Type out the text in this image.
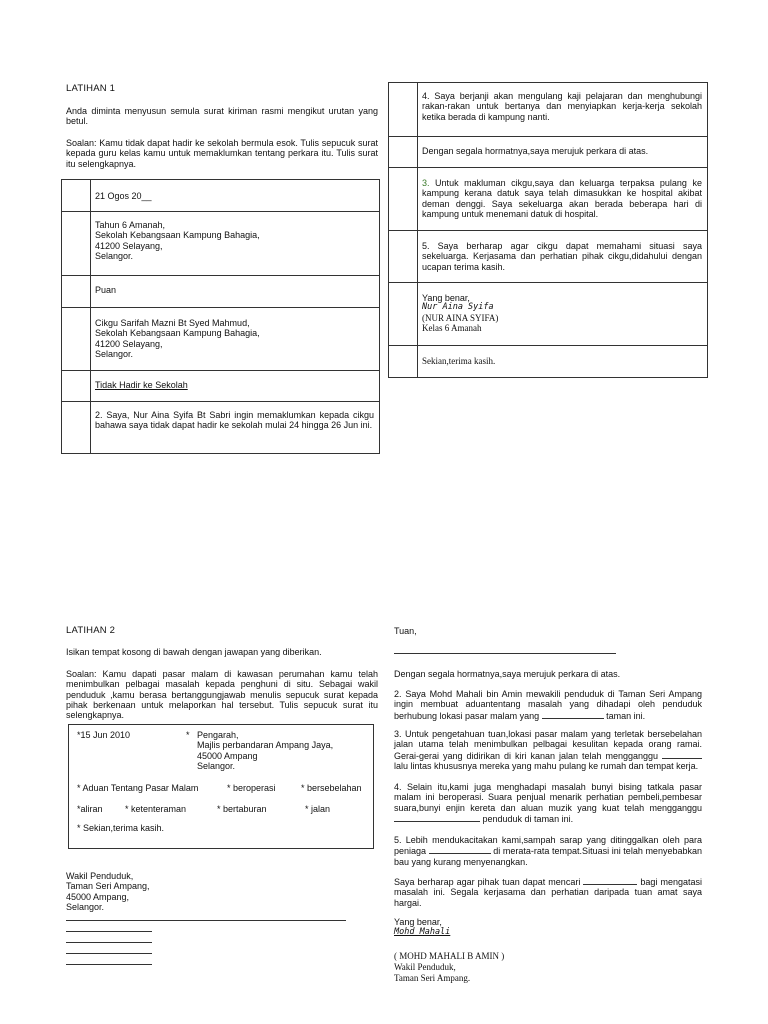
LATIHAN 1
Anda diminta menyusun semula surat kiriman rasmi mengikut urutan yang betul.
Soalan: Kamu tidak dapat hadir ke sekolah bermula esok. Tulis sepucuk surat kepada guru kelas kamu untuk memaklumkan tentang perkara itu. Tulis surat itu selengkapnya.
	21 Ogos 20__
	Tahun 6 Amanah,
Sekolah Kebangsaan Kampung Bahagia,
41200 Selayang,
Selangor.
	Puan
	Cikgu Sarifah Mazni Bt Syed Mahmud,
Sekolah Kebangsaan Kampung Bahagia,
41200 Selayang,
Selangor.
	Tidak Hadir ke Sekolah
	2. Saya, Nur Aina Syifa Bt Sabri ingin memaklumkan kepada cikgu bahawa saya tidak dapat hadir ke sekolah mulai 24 hingga 26 Jun ini.
	4. Saya berjanji akan mengulang kaji pelajaran dan menghubungi rakan-rakan untuk bertanya dan menyiapkan kerja-kerja sekolah ketika berada di kampung nanti.
	Dengan segala hormatnya,saya merujuk perkara di atas.
	3. Untuk makluman cikgu,saya dan keluarga terpaksa pulang ke kampung kerana datuk saya telah dimasukkan ke hospital akibat deman denggi. Saya sekeluarga akan berada beberapa hari di kampung untuk menemani datuk di hospital.
	5. Saya berharap agar cikgu dapat memahami situasi saya sekeluarga. Kerjasama dan perhatian pihak cikgu,didahului dengan ucapan terima kasih.

	Yang benar,
Nur Aina Syifa
(NUR AINA SYIFA)
Kelas 6 Amanah

	Sekian,terima kasih.
LATIHAN 2
Isikan tempat kosong di bawah dengan jawapan yang diberikan.
Soalan: Kamu dapati pasar malam di kawasan perumahan kamu telah menimbulkan pelbagai masalah kepada penghuni di situ. Sebagai wakil penduduk ,kamu berasa bertanggungjawab menulis sepucuk surat kepada pihak berkenaan untuk melaporkan hal tersebut. Tulis sepucuk surat itu selengkapnya.
*15 Jun 2010	* Pengarah,
Majlis perbandaran Ampang Jaya,
45000 Ampang
Selangor.
* Aduan Tentang Pasar Malam	* beroperasi	* bersebelahan
*aliran * ketenteraman	* bertaburan	* jalan
* Sekian,terima kasih.
Wakil Penduduk,
Taman Seri Ampang,
45000 Ampang,
Selangor.
Tuan,
Dengan segala hormatnya,saya merujuk perkara di atas.
2. Saya Mohd Mahali bin Amin mewakili penduduk di Taman Seri Ampang ingin membuat aduantentang masalah yang dihadapi oleh penduduk berhubung lokasi pasar malam yang	taman ini.
3. Untuk pengetahuan tuan,lokasi pasar malam yang terletak bersebelahan jalan utama telah menimbulkan pelbagai kesulitan kepada orang ramai. Gerai-gerai yang didirikan di kiri kanan jalan telah mengganggu  lalu lintas khususnya mereka yang mahu pulang ke rumah dan tempat kerja.
4. Selain itu,kami juga menghadapi masalah bunyi bising tatkala pasar malam ini beroperasi. Suara penjual menarik perhatian pembeli,pembesar suara,bunyi enjin kereta dan aluan muzik yang kuat telah mengganggu  penduduk di taman ini.
5. Lebih mendukacitakan kami,sampah sarap yang ditinggalkan oleh para peniaga	di merata-rata tempat.Situasi ini telah menyebabkan bau yang kurang menyenangkan.
Saya berharap agar pihak tuan dapat mencari	bagi mengatasi masalah ini. Segala kerjasama dan perhatian daripada tuan amat saya hargai.
Yang benar,
Mohd Mahali
( MOHD MAHALI B AMIN )
Wakil Penduduk,
Taman Seri Ampang.
